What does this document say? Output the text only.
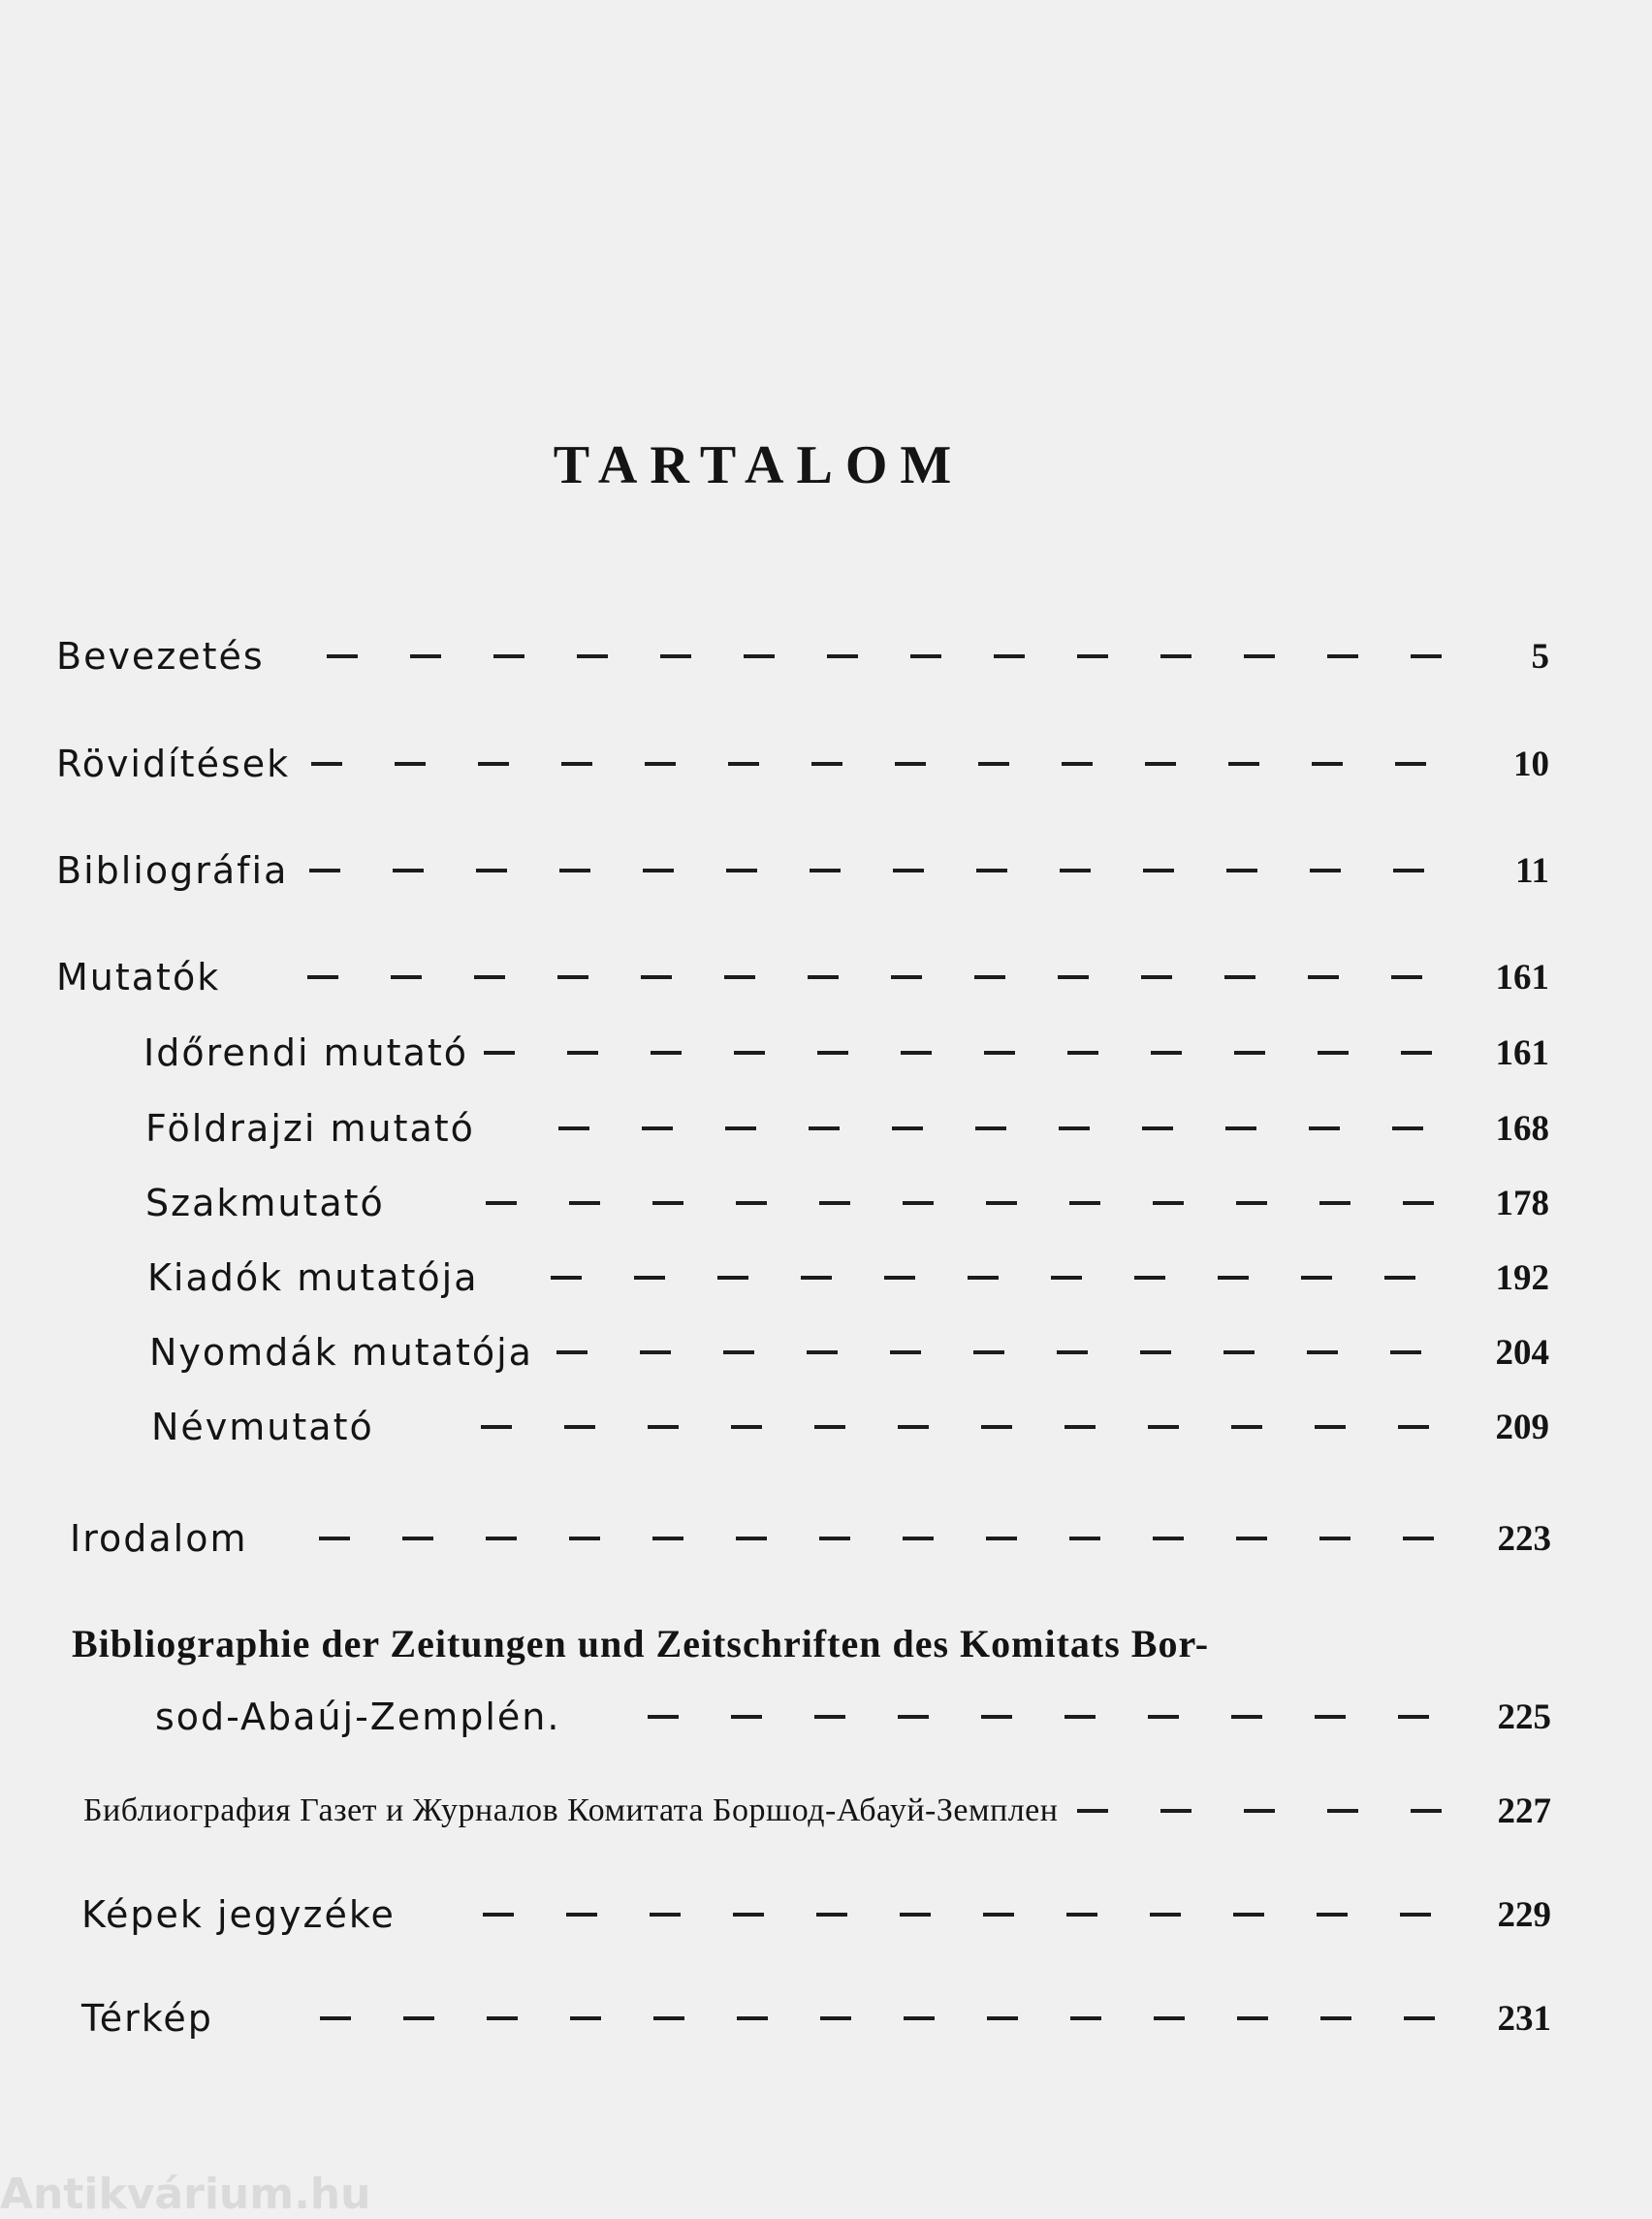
TARTALOM
Bevezetés	5
Rövidítések	10
Bibliográfia	11
Mutatók	161
Időrendi mutató	161
Földrajzi mutató	168
Szakmutató	178
Kiadók mutatója	192
Nyomdák mutatója	204
Névmutató	209
Irodalom	223
Bibliographie der Zeitungen und Zeitschriften des Komitats Bor-
sod-Abaúj-Zemplén.	225
Библиография Газет и Журналов Комитата Боршод-Абауй-Земплен	227
Képek jegyzéke	229
Térkép	231
Antikvárium.hu
